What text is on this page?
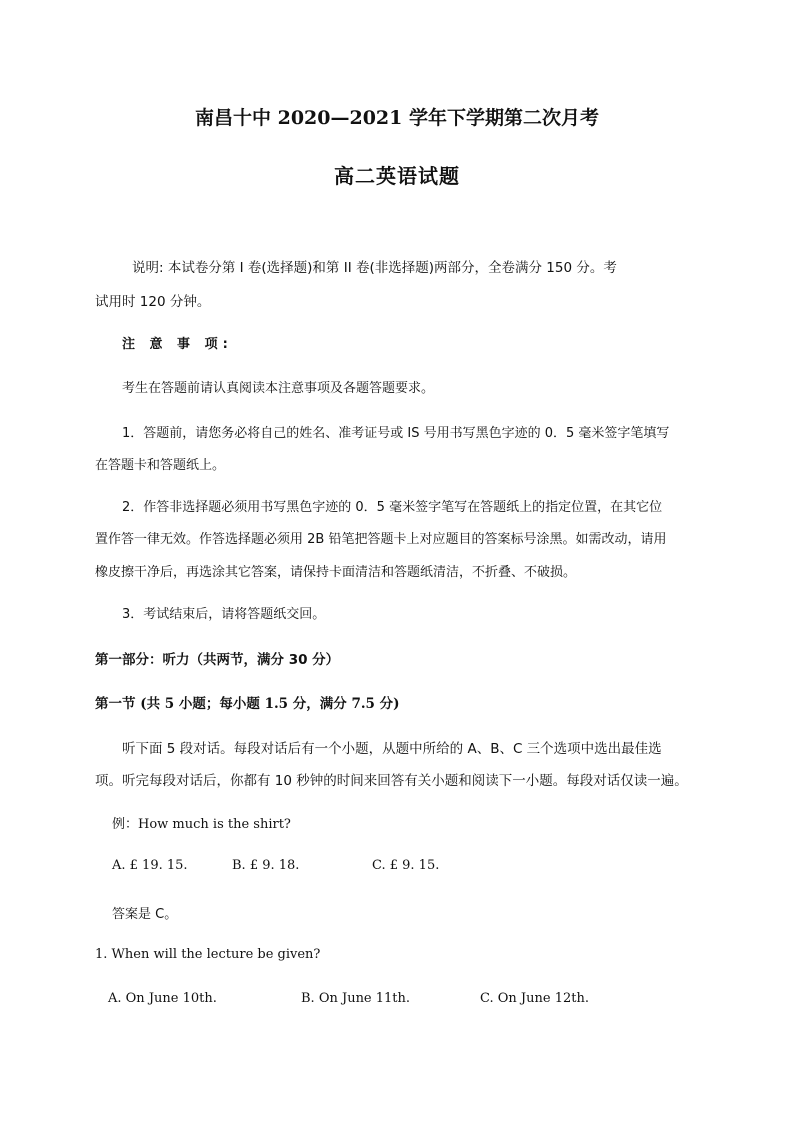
南昌十中 2020—2021 学年下学期第二次月考
高二英语试题
说明: 本试卷分第 I 卷(选择题)和第 II 卷(非选择题)两部分，全卷满分 150 分。考
试用时 120 分钟。
注 意 事 项:
考生在答题前请认真阅读本注意事项及各题答题要求。
1．答题前，请您务必将自己的姓名、准考证号或 IS 号用书写黑色字迹的 0．5 毫米签字笔填写
在答题卡和答题纸上。
2．作答非选择题必须用书写黑色字迹的 0．5 毫米签字笔写在答题纸上的指定位置，在其它位
置作答一律无效。作答选择题必须用 2B 铅笔把答题卡上对应题目的答案标号涂黑。如需改动，请用
橡皮擦干净后，再选涂其它答案，请保持卡面清洁和答题纸清洁，不折叠、不破损。
3．考试结束后，请将答题纸交回。
第一部分：听力（共两节，满分 30 分）
第一节 (共 5 小题；每小题 1.5 分，满分 7.5 分)
听下面 5 段对话。每段对话后有一个小题，从题中所给的 A、B、C 三个选项中选出最佳选
项。听完每段对话后，你都有 10 秒钟的时间来回答有关小题和阅读下一小题。每段对话仅读一遍。
例：How much is the shirt?
A. £ 19. 15.	B. £ 9. 18.	C. £ 9. 15.
答案是 C。
1. When will the lecture be given?
A. On June 10th.	B. On June 11th.	C. On June 12th.
